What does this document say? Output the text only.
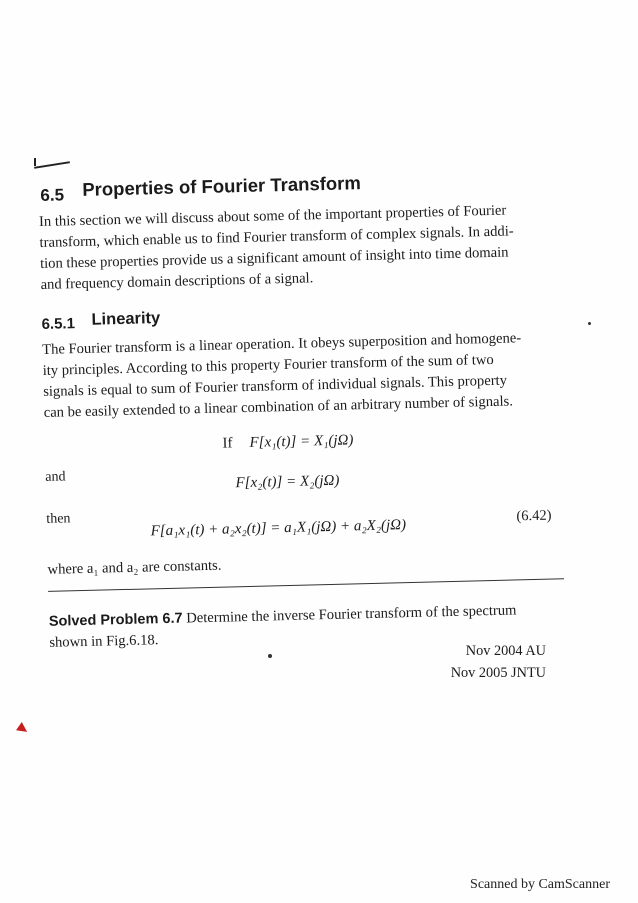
6.5 Properties of Fourier Transform

In this section we will discuss about some of the important properties of Fourier
transform, which enable us to find Fourier transform of complex signals. In addi-
tion these properties provide us a significant amount of insight into time domain
and frequency domain descriptions of a signal.

6.5.1 Linearity

The Fourier transform is a linear operation. It obeys superposition and homogene-
ity principles. According to this property Fourier transform of the sum of two
signals is equal to sum of Fourier transform of individual signals. This property
can be easily extended to a linear combination of an arbitrary number of signals.

If F[x₁(t)] = X₁(jΩ)
and	F[x₂(t)] = X₂(jΩ)
then	F[a₁x₁(t) + a₂x₂(t)] = a₁X₁(jΩ) + a₂X₂(jΩ)
(6.42)
where a₁ and a₂ are constants.
Solved Problem 6.7 Determine the inverse Fourier transform of the spectrum
shown in Fig.6.18.
Nov 2004 AU
Nov 2005 JNTU
Scanned by CamScanner
